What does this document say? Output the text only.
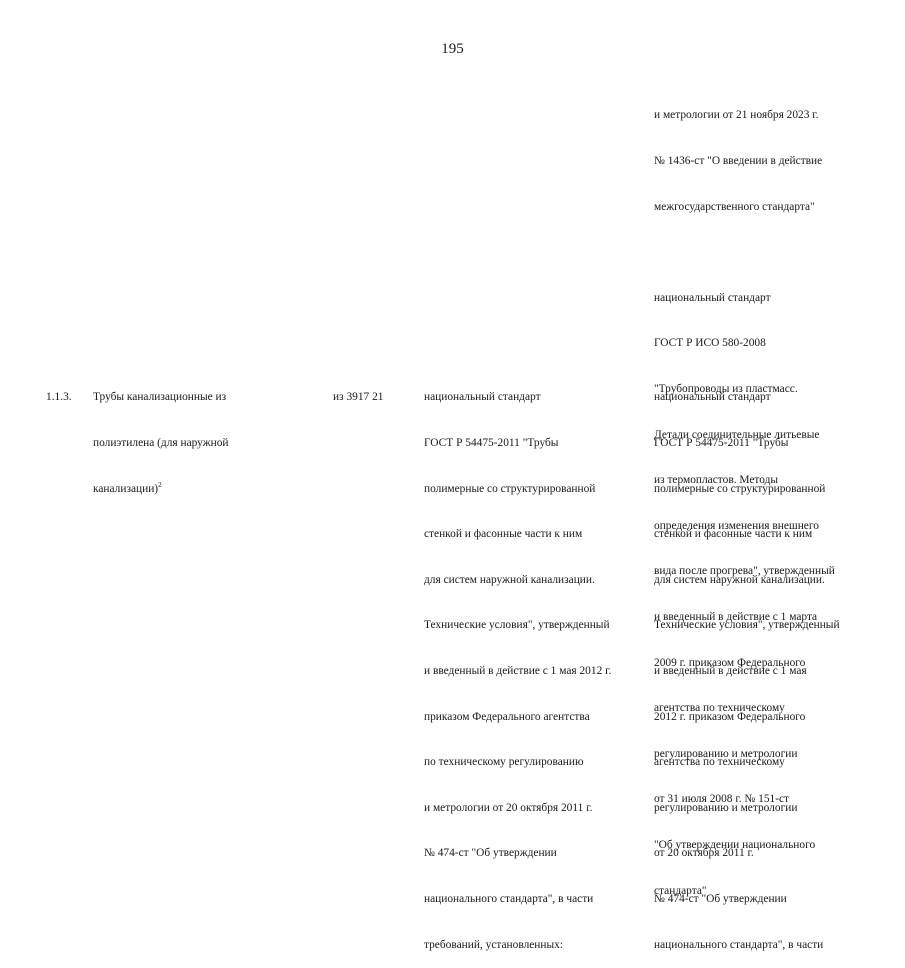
195

и метрологии от 21 ноября 2023 г.

№ 1436-ст "О введении в действие

межгосударственного стандарта"

национальный стандарт

ГОСТ Р ИСО 580-2008

"Трубопроводы из пластмасс.

Детали соединительные литьевые

из термопластов. Методы

определения изменения внешнего

вида после прогрева", утвержденный

и введенный в действие с 1 марта

2009 г. приказом Федерального

агентства по техническому

регулированию и метрологии

от 31 июля 2008 г. № 151-ст

"Об утверждении национального

стандарта"

1.1.3.

Трубы канализационные из

полиэтилена (для наружной

канализации)$^2$

из 3917 21

	национальный стандарт

ГОСТ Р 54475-2011 "Трубы

полимерные со структурированной

стенкой и фасонные части к ним

для систем наружной канализации.

Технические условия", утвержденный

и введенный в действие с 1 мая 2012 г.

приказом Федерального агентства

по техническому регулированию

и метрологии от 20 октября 2011 г.

№ 474-ст "Об утверждении

национального стандарта", в части

требований, установленных:

национальный стандарт

ГОСТ Р 54475-2011 "Трубы

полимерные со структурированной

стенкой и фасонные части к ним

для систем наружной канализации.

Технические условия", утвержденный

и введенный в действие с 1 мая

2012 г. приказом Федерального

агентства по техническому

регулированию и метрологии

от 20 октября 2011 г.

№ 474-ст "Об утверждении

национального стандарта", в части
